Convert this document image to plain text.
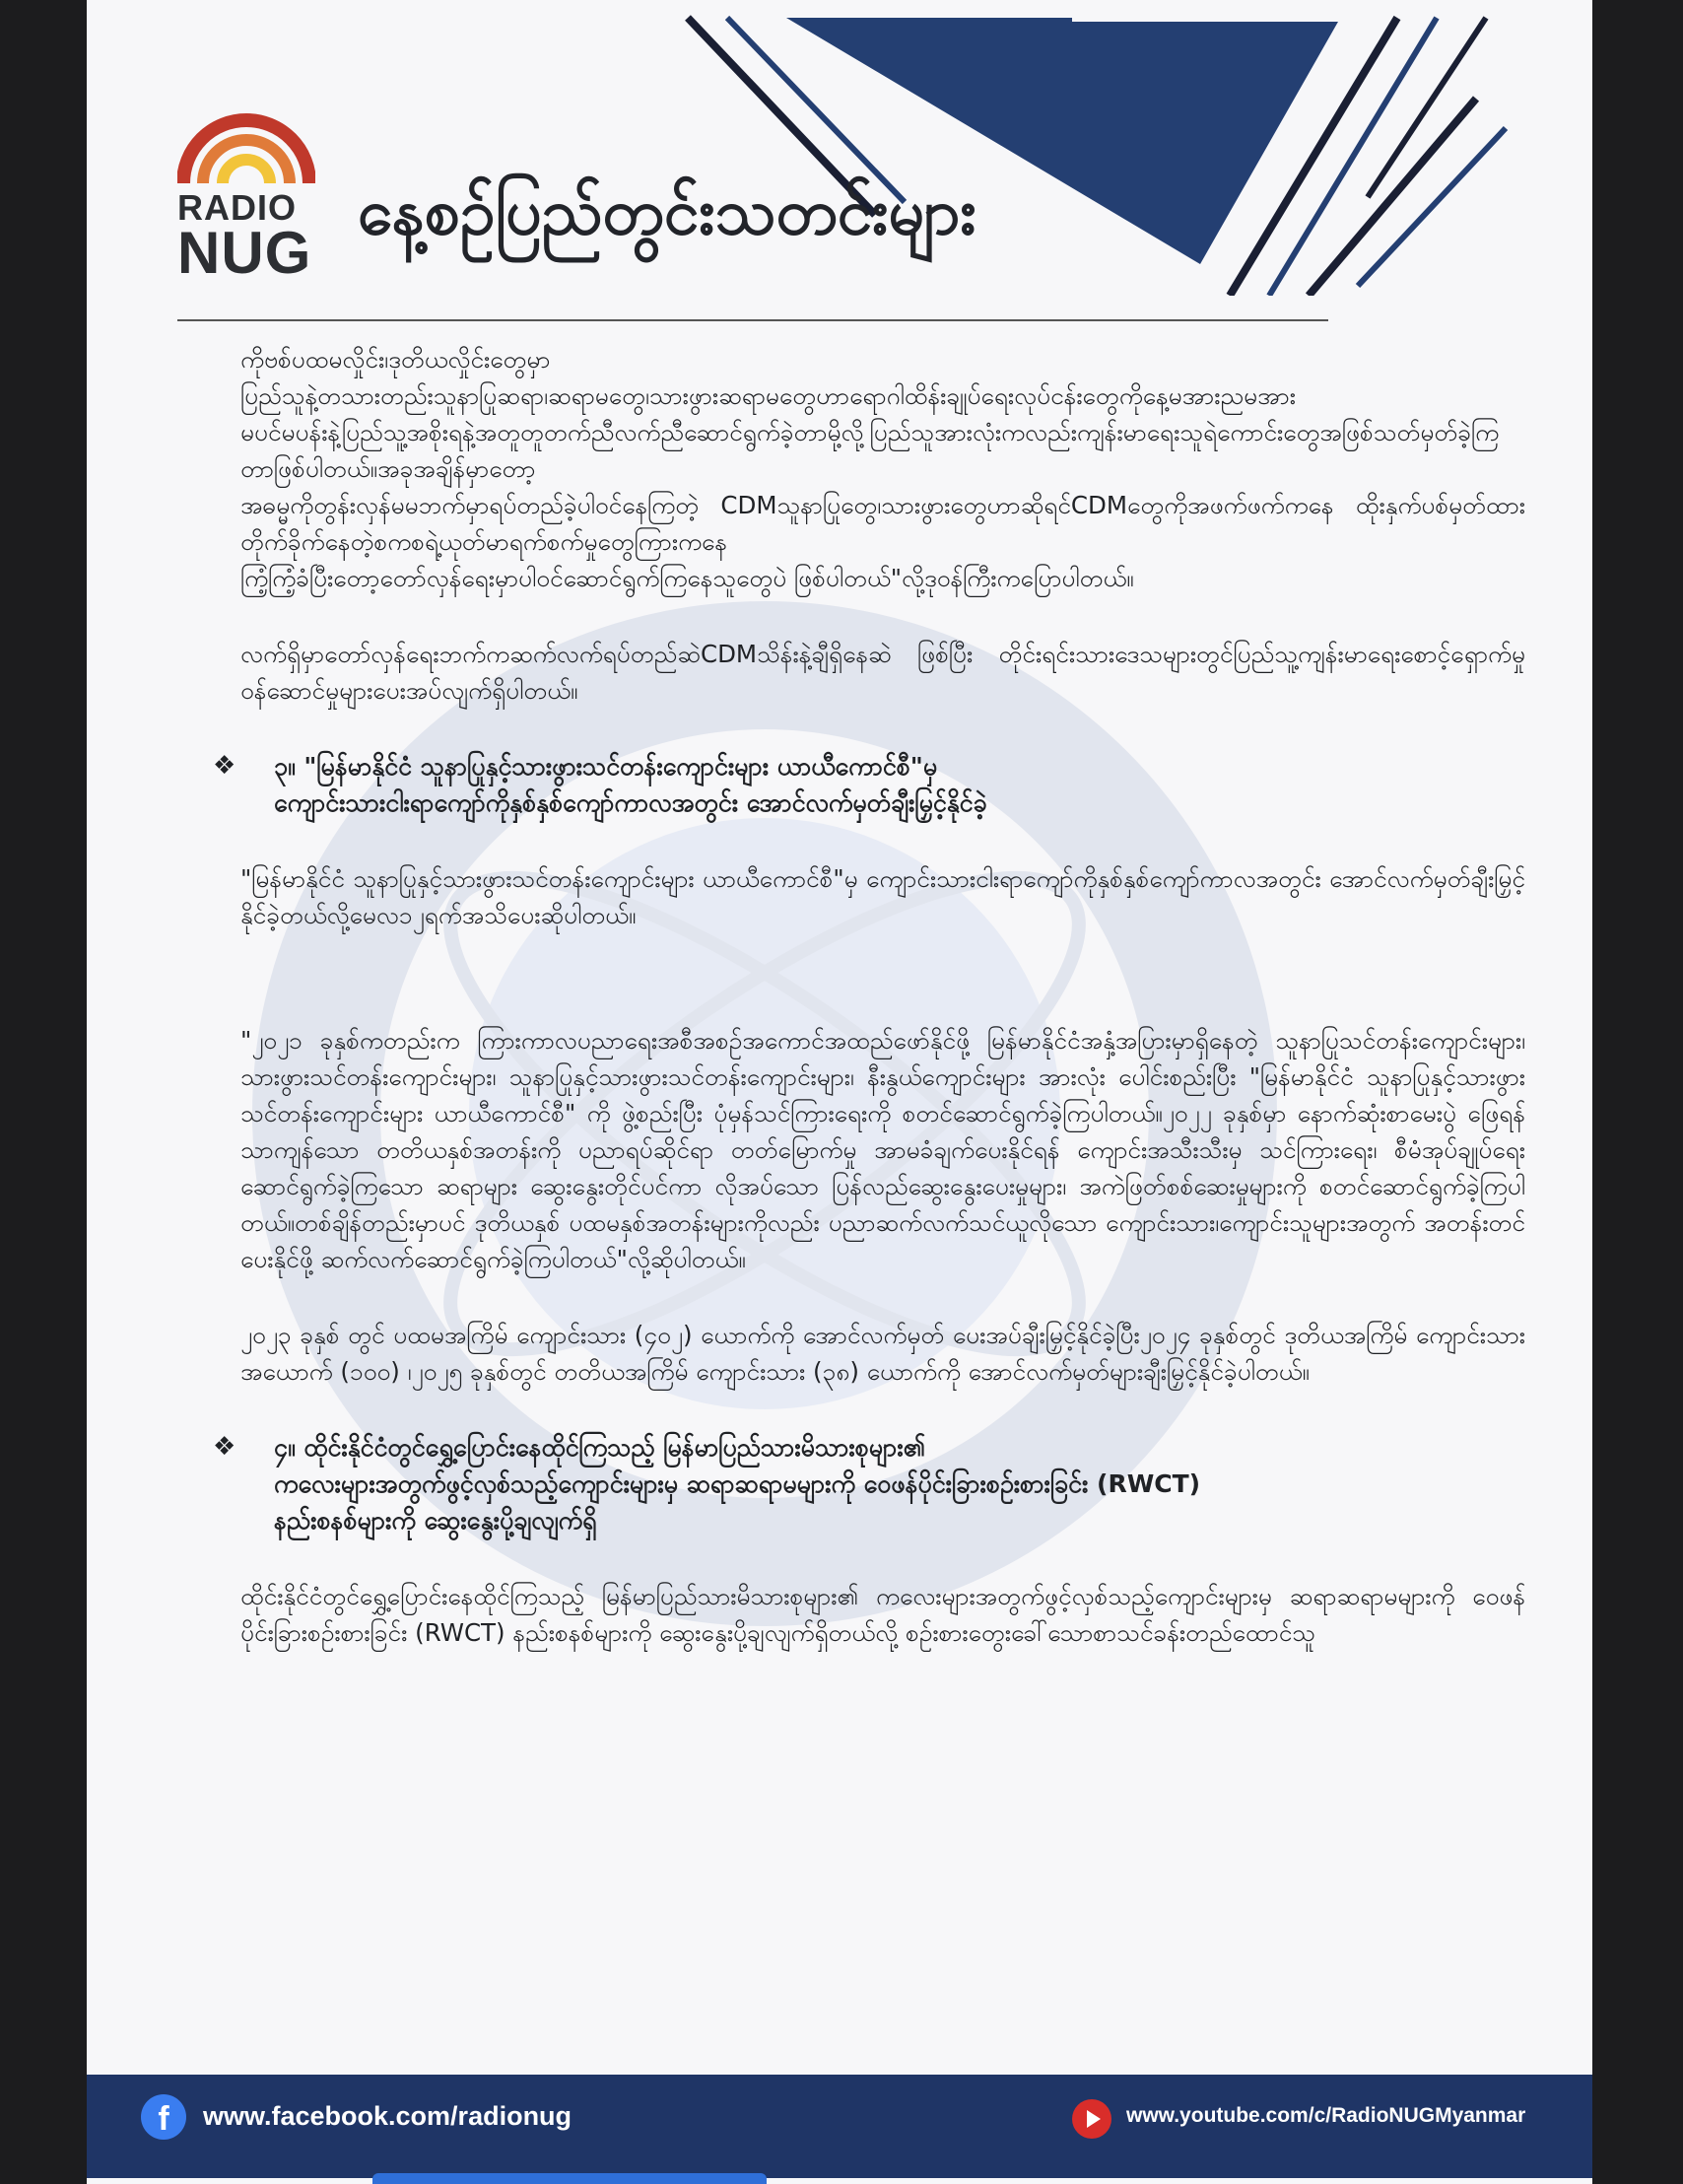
RADIO
NUG
နေ့စဉ်ပြည်တွင်းသတင်းများ

ကိုဗစ်ပထမလှိုင်း၊ဒုတိယလှိုင်းတွေမှာ

ပြည်သူနဲ့တသားတည်းသူနာပြုဆရာ၊ဆရာမတွေ၊သားဖွားဆရာမတွေဟာရောဂါထိန်းချုပ်ရေးလုပ်ငန်းတွေကိုနေ့မအားညမအား

မပင်မပန်းနဲ့ပြည်သူ့အစိုးရနဲ့အတူတူတက်ညီလက်ညီဆောင်ရွက်ခဲ့တာမို့လို့ပြည်သူအားလုံးကလည်းကျန်းမာရေးသူရဲကောင်းတွေအဖြစ်သတ်မှတ်ခဲ့ကြတာဖြစ်ပါတယ်။အခုအချိန်မှာတော့

အဓမ္မကိုတွန်းလှန်မမဘက်မှာရပ်တည်ခဲ့ပါဝင်နေကြတဲ့ CDMသူနာပြုတွေ၊သားဖွားတွေဟာဆိုရင်CDMတွေကိုအဖက်ဖက်ကနေ ထိုးနှက်ပစ်မှတ်ထားတိုက်ခိုက်နေတဲ့စကစရဲ့ယုတ်မာရက်စက်မှုတွေကြားကနေ

ကြံ့ကြံ့ခံပြီးတော့တော်လှန်ရေးမှာပါဝင်ဆောင်ရွက်ကြနေသူတွေပဲ ဖြစ်ပါတယ်"လို့ဒုဝန်ကြီးကပြောပါတယ်။

လက်ရှိမှာတော်လှန်ရေးဘက်ကဆက်လက်ရပ်တည်ဆဲCDMသိန်းနဲ့ချီရှိနေဆဲ ဖြစ်ပြီး တိုင်းရင်းသားဒေသများတွင်ပြည်သူ့ကျန်းမာရေးစောင့်ရှောက်မှုဝန်ဆောင်မှုများပေးအပ်လျက်ရှိပါတယ်။

❖ ၃။ "မြန်မာနိုင်ငံ သူနာပြုနှင့်သားဖွားသင်တန်းကျောင်းများ ယာယီကောင်စီ"မှ
ကျောင်းသားငါးရာကျော်ကိုနှစ်နှစ်ကျော်ကာလအတွင်း အောင်လက်မှတ်ချီးမြှင့်နိုင်ခဲ့

"မြန်မာနိုင်ငံ သူနာပြုနှင့်သားဖွားသင်တန်းကျောင်းများ ယာယီကောင်စီ"မှ ကျောင်းသားငါးရာကျော်ကိုနှစ်နှစ်ကျော်ကာလအတွင်း အောင်လက်မှတ်ချီးမြှင့်နိုင်ခဲ့တယ်လို့မေလ၁၂ရက်အသိပေးဆိုပါတယ်။

"၂၀၂၁ ခုနှစ်ကတည်းက ကြားကာလပညာရေးအစီအစဉ်အကောင်အထည်ဖော်နိုင်ဖို့ မြန်မာနိုင်ငံအနှံ့အပြားမှာရှိနေတဲ့ သူနာပြုသင်တန်းကျောင်းများ၊ သားဖွားသင်တန်းကျောင်းများ၊ သူနာပြုနှင့်သားဖွားသင်တန်းကျောင်းများ၊ နီးနွယ်ကျောင်းများ အားလုံး ပေါင်းစည်းပြီး "မြန်မာနိုင်ငံ သူနာပြုနှင့်သားဖွားသင်တန်းကျောင်းများ ယာယီကောင်စီ" ကို ဖွဲ့စည်းပြီး ပုံမှန်သင်ကြားရေးကို စတင်ဆောင်ရွက်ခဲ့ကြပါတယ်။၂၀၂၂ ခုနှစ်မှာ နောက်ဆုံးစာမေးပွဲ ဖြေရန်သာကျန်သော တတိယနှစ်အတန်းကို ပညာရပ်ဆိုင်ရာ တတ်မြောက်မှု အာမခံချက်ပေးနိုင်ရန် ကျောင်းအသီးသီးမှ သင်ကြားရေး၊ စီမံအုပ်ချုပ်ရေး ဆောင်ရွက်ခဲ့ကြသော ဆရာများ ဆွေးနွေးတိုင်ပင်ကာ လိုအပ်သော ပြန်လည်ဆွေးနွေးပေးမှုများ၊ အကဲဖြတ်စစ်ဆေးမှုများကို စတင်ဆောင်ရွက်ခဲ့ကြပါတယ်။တစ်ချိန်တည်းမှာပင် ဒုတိယနှစ် ပထမနှစ်အတန်းများကိုလည်း ပညာဆက်လက်သင်ယူလိုသော ကျောင်းသား၊ကျောင်းသူများအတွက် အတန်းတင်ပေးနိုင်ဖို့ ဆက်လက်ဆောင်ရွက်ခဲ့ကြပါတယ်"လို့ဆိုပါတယ်။

၂၀၂၃ ခုနှစ် တွင် ပထမအကြိမ် ကျောင်းသား (၄၀၂) ယောက်ကို အောင်လက်မှတ် ပေးအပ်ချီးမြှင့်နိုင်ခဲ့ပြီး၂၀၂၄ ခုနှစ်တွင် ဒုတိယအကြိမ် ကျောင်းသား အယောက် (၁၀၀) ၊၂၀၂၅ ခုနှစ်တွင် တတိယအကြိမ် ကျောင်းသား (၃၈) ယောက်ကို အောင်လက်မှတ်များချီးမြှင့်နိုင်ခဲ့ပါတယ်။

❖ ၄။ ထိုင်းနိုင်ငံတွင်ရွှေ့ပြောင်းနေထိုင်ကြသည့် မြန်မာပြည်သားမိသားစုများ၏
ကလေးများအတွက်ဖွင့်လှစ်သည့်ကျောင်းများမှ ဆရာဆရာမများကို ဝေဖန်ပိုင်းခြားစဉ်းစားခြင်း (RWCT)
နည်းစနစ်များကို ဆွေးနွေးပို့ချလျက်ရှိ

ထိုင်းနိုင်ငံတွင်ရွှေ့ပြောင်းနေထိုင်ကြသည့် မြန်မာပြည်သားမိသားစုများ၏ ကလေးများအတွက်ဖွင့်လှစ်သည့်ကျောင်းများမှ ဆရာဆရာမများကို ဝေဖန်ပိုင်းခြားစဉ်းစားခြင်း (RWCT) နည်းစနစ်များကို ဆွေးနွေးပို့ချလျက်ရှိတယ်လို့ စဉ်းစားတွေးခေါ်သောစာသင်ခန်းတည်ထောင်သူ

f	www.facebook.com/radionug	www.youtube.com/c/RadioNUGMyanmar
